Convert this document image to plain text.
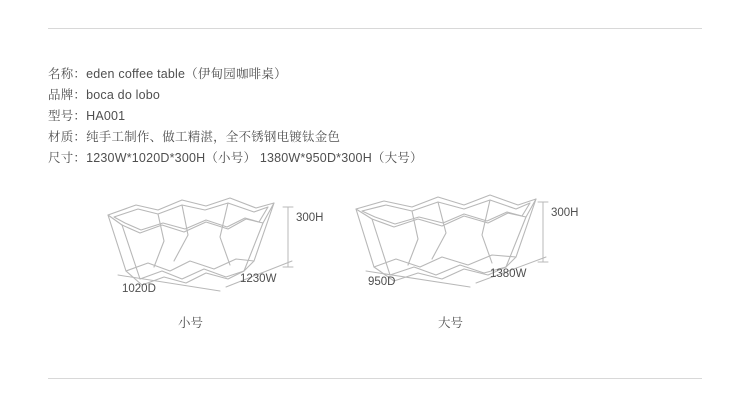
名称：eden coffee table（伊甸园咖啡桌）
品牌：boca do lobo
型号：HA001
材质：纯手工制作、做工精湛，全不锈钢电镀钛金色
尺寸：1230W*1020D*300H（小号） 1380W*950D*300H（大号）
300H
1230W
1020D
小号
300H
1380W
950D
大号
